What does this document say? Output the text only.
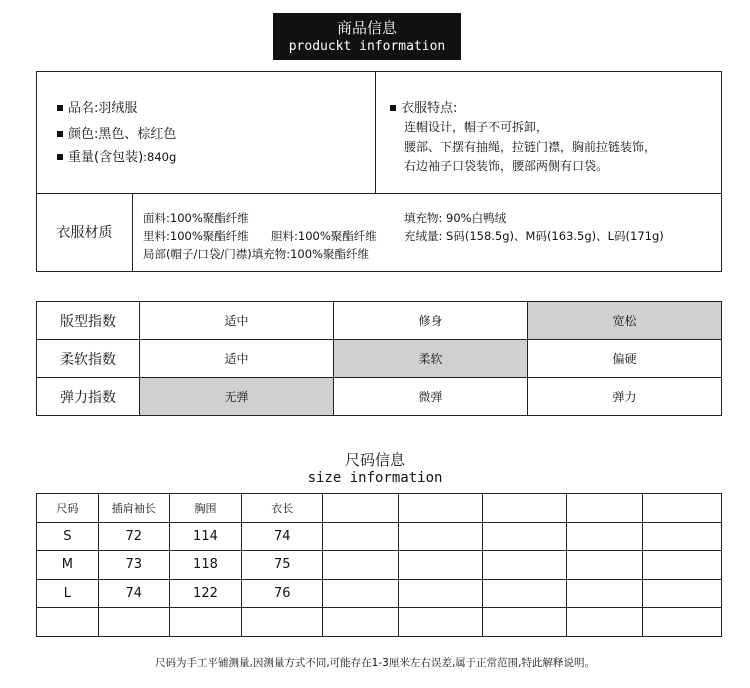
商品信息
produckt information
品名:羽绒服
颜色:黑色、棕红色
重量(含包装):840g
衣服特点:
连帽设计，帽子不可拆卸，
腰部、下摆有抽绳，拉链门襟，胸前拉链装饰，
右边袖子口袋装饰，腰部两侧有口袋。
衣服材质
面料:100%聚酯纤维
里料:100%聚酯纤维 胆料:100%聚酯纤维
局部(帽子/口袋/门襟)填充物:100%聚酯纤维
填充物: 90%白鸭绒
充绒量: S码(158.5g)、M码(163.5g)、L码(171g)
版型指数	适中	修身	宽松
柔软指数	适中	柔软	偏硬
弹力指数	无弹	微弹	弹力
尺码信息
size information
尺码	插肩袖长	胸围	衣长					
S	72	114	74					
M	73	118	75					
L	74	122	76					

尺码为手工平铺测量,因测量方式不同,可能存在1-3厘米左右误差,属于正常范围,特此解释说明。
